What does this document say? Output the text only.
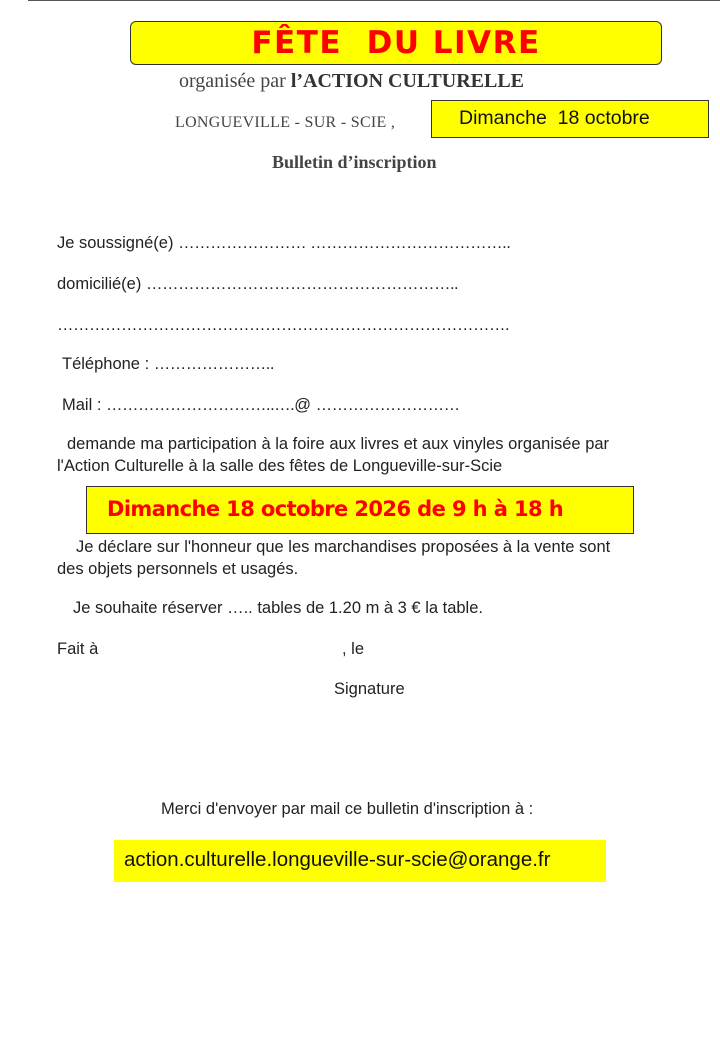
FÊTE  DU LIVRE
organisée par l’ACTION CULTURELLE
LONGUEVILLE - SUR - SCIE ,	Dimanche  18 octobre
Bulletin d’inscription
Je soussigné(e) …………………… ………………………………..
domicilié(e) …………………………………………………..
………………………………………………………………………….
Téléphone : …………………..
Mail : …………………………..….@ ………………………
demande ma participation à la foire aux livres et aux vinyles organisée par
l'Action Culturelle à la salle des fêtes de Longueville-sur-Scie
Dimanche 18 octobre 2026 de 9 h à 18 h
Je déclare sur l'honneur que les marchandises proposées à la vente sont
des objets personnels et usagés.
Je souhaite réserver ….. tables de 1.20 m à 3 € la table.
Fait à	, le
Signature
Merci d'envoyer par mail ce bulletin d'inscription à :
action.culturelle.longueville-sur-scie@orange.fr
